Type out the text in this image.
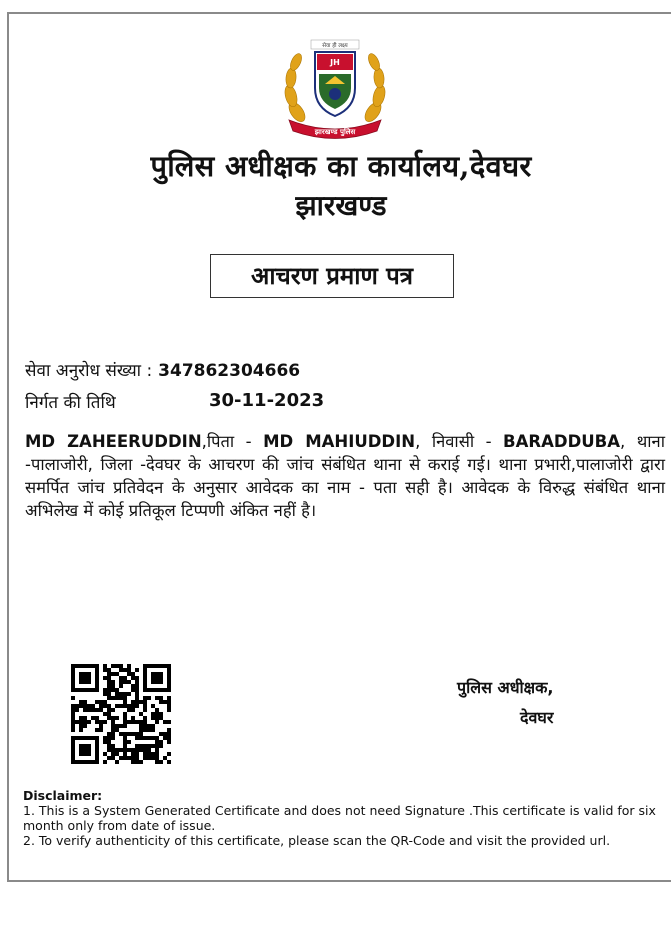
सेवा ही लक्ष्य
JH
झारखण्ड पुलिस
पुलिस अधीक्षक का कार्यालय,देवघर
झारखण्ड
आचरण प्रमाण पत्र
सेवा अनुरोध संख्या : 347862304666
निर्गत की तिथि	30-11-2023
MD ZAHEERUDDIN,पिता - MD MAHIUDDIN, निवासी - BARADDUBA, थाना -पालाजोरी, जिला -देवघर के आचरण की जांच संबंधित थाना से कराई गई। थाना प्रभारी,पालाजोरी द्वारा समर्पित जांच प्रतिवेदन के अनुसार आवेदक का नाम - पता सही है। आवेदक के विरुद्ध संबंधित थाना अभिलेख में कोई प्रतिकूल टिप्पणी अंकित नहीं है।
पुलिस अधीक्षक,
देवघर

Disclaimer:

1. This is a System Generated Certificate and does not need Signature .This certificate is valid for six month only from date of issue.

2. To verify authenticity of this certificate, please scan the QR-Code and visit the provided url.
